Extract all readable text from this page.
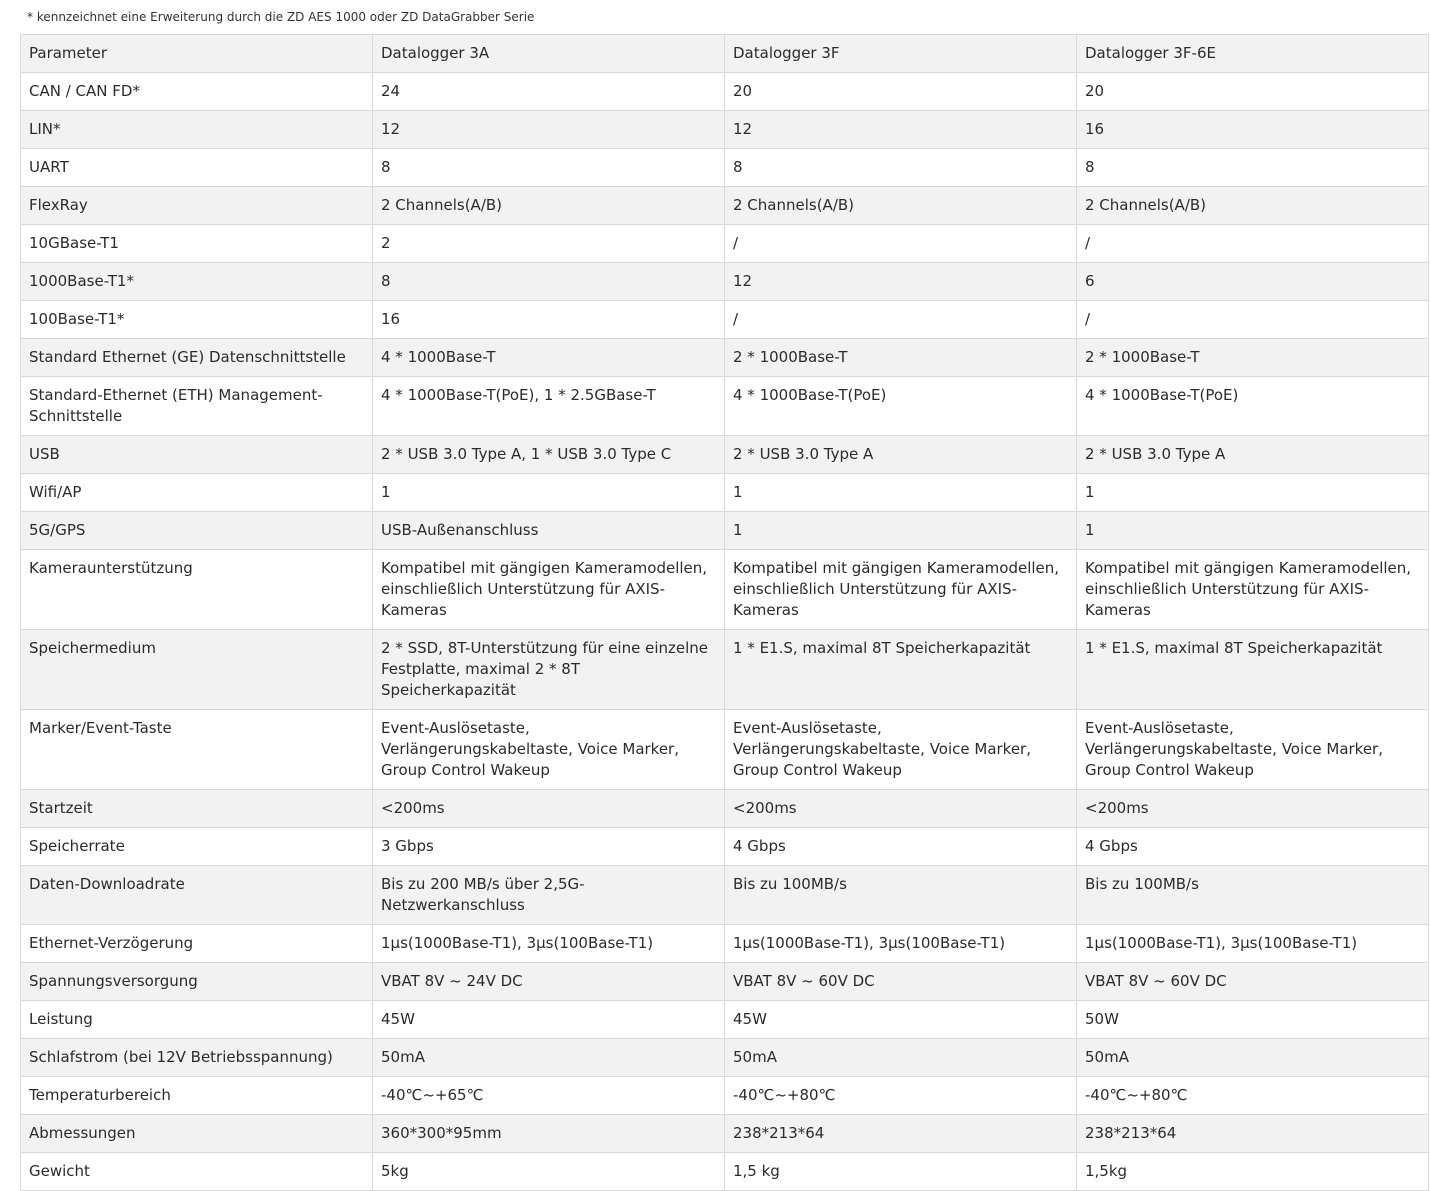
* kennzeichnet eine Erweiterung durch die ZD AES 1000 oder ZD DataGrabber Serie
Parameter	Datalogger 3A	Datalogger 3F	Datalogger 3F-6E
CAN / CAN FD*	24	20	20
LIN*	12	12	16
UART	8	8	8
FlexRay	2 Channels(A/B)	2 Channels(A/B)	2 Channels(A/B)
10GBase-T1	2	/	/
1000Base-T1*	8	12	6
100Base-T1*	16	/	/
Standard Ethernet (GE) Datenschnittstelle	4 * 1000Base-T	2 * 1000Base-T	2 * 1000Base-T
Standard-Ethernet (ETH) Management-Schnittstelle	4 * 1000Base-T(PoE), 1 * 2.5GBase-T	4 * 1000Base-T(PoE)	4 * 1000Base-T(PoE)
USB	2 * USB 3.0 Type A, 1 * USB 3.0 Type C	2 * USB 3.0 Type A	2 * USB 3.0 Type A
Wifi/AP	1	1	1
5G/GPS	USB-Außenanschluss	1	1
Kameraunterstützung	Kompatibel mit gängigen Kameramodellen, einschließlich Unterstützung für AXIS-Kameras	Kompatibel mit gängigen Kameramodellen, einschließlich Unterstützung für AXIS-Kameras	Kompatibel mit gängigen Kameramodellen, einschließlich Unterstützung für AXIS-Kameras
Speichermedium	2 * SSD, 8T-Unterstützung für eine einzelne Festplatte, maximal 2 * 8T Speicherkapazität	1 * E1.S, maximal 8T Speicherkapazität	1 * E1.S, maximal 8T Speicherkapazität
Marker/Event-Taste	Event-Auslösetaste, Verlängerungskabeltaste, Voice Marker, Group Control Wakeup	Event-Auslösetaste, Verlängerungskabeltaste, Voice Marker, Group Control Wakeup	Event-Auslösetaste, Verlängerungskabeltaste, Voice Marker, Group Control Wakeup
Startzeit	<200ms	<200ms	<200ms
Speicherrate	3 Gbps	4 Gbps	4 Gbps
Daten-Downloadrate	Bis zu 200 MB/s über 2,5G-Netzwerkanschluss	Bis zu 100MB/s	Bis zu 100MB/s
Ethernet-Verzögerung	1μs(1000Base-T1), 3μs(100Base-T1)	1μs(1000Base-T1), 3μs(100Base-T1)	1μs(1000Base-T1), 3μs(100Base-T1)
Spannungsversorgung	VBAT 8V ~ 24V DC	VBAT 8V ~ 60V DC	VBAT 8V ~ 60V DC
Leistung	45W	45W	50W
Schlafstrom (bei 12V Betriebsspannung)	50mA	50mA	50mA
Temperaturbereich	-40℃~+65℃	-40℃~+80℃	-40℃~+80℃
Abmessungen	360*300*95mm	238*213*64	238*213*64
Gewicht	5kg	1,5 kg	1,5kg
